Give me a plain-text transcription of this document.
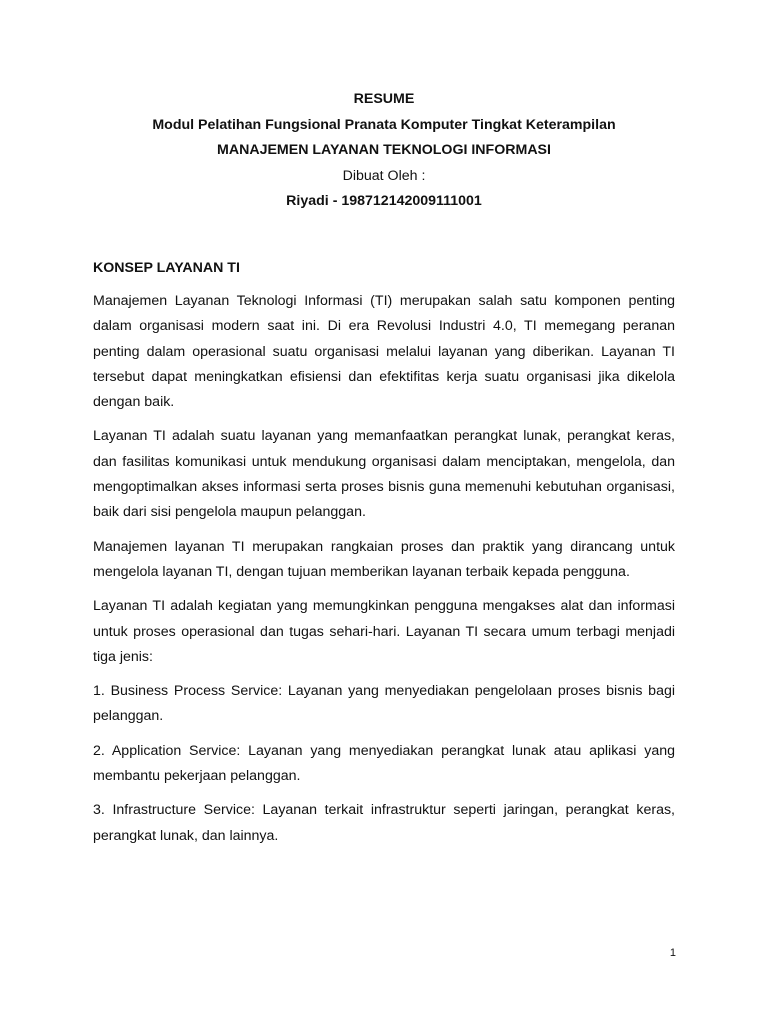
RESUME
Modul Pelatihan Fungsional Pranata Komputer Tingkat Keterampilan
MANAJEMEN LAYANAN TEKNOLOGI INFORMASI
Dibuat Oleh :
Riyadi - 198712142009111001
KONSEP LAYANAN TI

Manajemen Layanan Teknologi Informasi (TI) merupakan salah satu komponen penting dalam organisasi modern saat ini. Di era Revolusi Industri 4.0, TI memegang peranan penting dalam operasional suatu organisasi melalui layanan yang diberikan. Layanan TI tersebut dapat meningkatkan efisiensi dan efektifitas kerja suatu organisasi jika dikelola dengan baik.

Layanan TI adalah suatu layanan yang memanfaatkan perangkat lunak, perangkat keras, dan fasilitas komunikasi untuk mendukung organisasi dalam menciptakan, mengelola, dan mengoptimalkan akses informasi serta proses bisnis guna memenuhi kebutuhan organisasi, baik dari sisi pengelola maupun pelanggan.

Manajemen layanan TI merupakan rangkaian proses dan praktik yang dirancang untuk mengelola layanan TI, dengan tujuan memberikan layanan terbaik kepada pengguna.

Layanan TI adalah kegiatan yang memungkinkan pengguna mengakses alat dan informasi untuk proses operasional dan tugas sehari-hari. Layanan TI secara umum terbagi menjadi tiga jenis:

1. Business Process Service: Layanan yang menyediakan pengelolaan proses bisnis bagi pelanggan.

2. Application Service: Layanan yang menyediakan perangkat lunak atau aplikasi yang membantu pekerjaan pelanggan.

3. Infrastructure Service: Layanan terkait infrastruktur seperti jaringan, perangkat keras, perangkat lunak, dan lainnya.

1
